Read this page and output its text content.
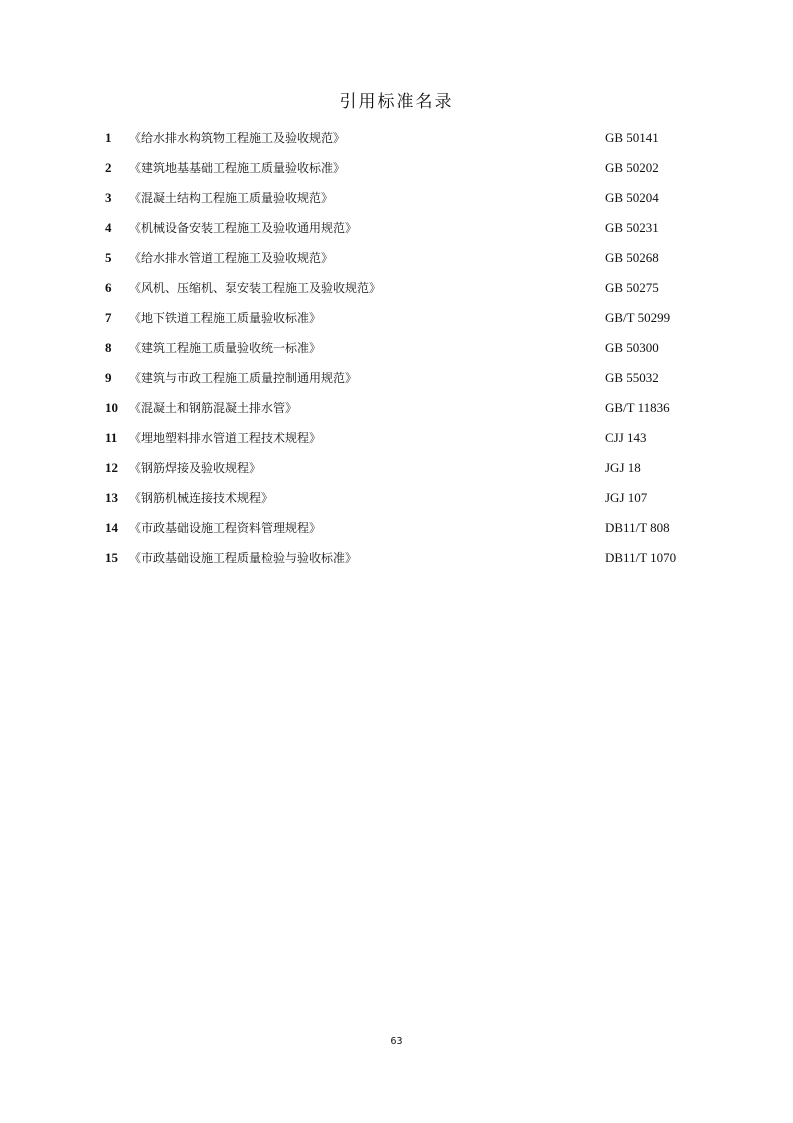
引用标准名录
1 《给水排水构筑物工程施工及验收规范》	GB 50141
2 《建筑地基基础工程施工质量验收标准》	GB 50202
3 《混凝土结构工程施工质量验收规范》	GB 50204
4 《机械设备安装工程施工及验收通用规范》	GB 50231
5 《给水排水管道工程施工及验收规范》	GB 50268
6 《风机、压缩机、泵安装工程施工及验收规范》	GB 50275
7 《地下铁道工程施工质量验收标准》	GB/T 50299
8 《建筑工程施工质量验收统一标准》	GB 50300
9 《建筑与市政工程施工质量控制通用规范》	GB 55032
10 《混凝土和钢筋混凝土排水管》	GB/T 11836
11 《埋地塑料排水管道工程技术规程》	CJJ 143
12 《钢筋焊接及验收规程》	JGJ 18
13 《钢筋机械连接技术规程》	JGJ 107
14 《市政基础设施工程资料管理规程》	DB11/T 808
15 《市政基础设施工程质量检验与验收标准》	DB11/T 1070
63
